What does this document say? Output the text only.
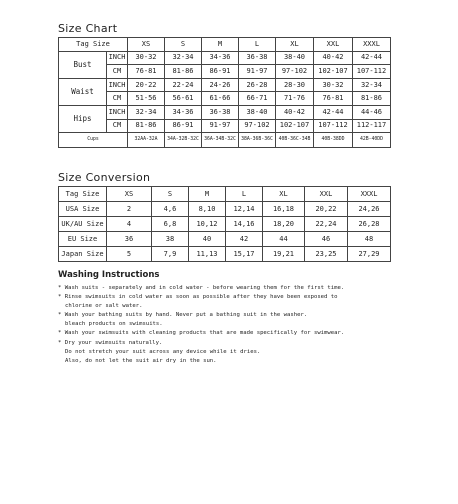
Size Chart
Tag Size		XS	S	M	L	XL	XXL	XXXL
Bust	INCH	30-32	32-34	34-36	36-38	38-40	40-42	42-44
	CM	76-81	81-86	86-91	91-97	97-102	102-107	107-112
Waist	INCH	20-22	22-24	24-26	26-28	28-30	30-32	32-34
	CM	51-56	56-61	61-66	66-71	71-76	76-81	81-86
Hips	INCH	32-34	34-36	36-38	38-40	40-42	42-44	44-46
	CM	81-86	86-91	91-97	97-102	102-107	107-112	112-117
Cups		32AA-32A	34A-32B-32C	36A-34B-32C	38A-36B-36C	40B-36C-34B	40B-38DD	42B-40DD
Size Conversion
Tag Size	XS	S	M	L	XL	XXL	XXXL
USA Size	2	4,6	8,10	12,14	16,18	20,22	24,26
UK/AU Size	4	6,8	10,12	14,16	18,20	22,24	26,28
EU Size	36	38	40	42	44	46	48
Japan Size	5	7,9	11,13	15,17	19,21	23,25	27,29
Washing Instructions
* Wash suits - separately and in cold water - before wearing them for the first time.
* Rinse swimsuits in cold water as soon as possible after they have been exposed to
chlorine or salt water.
* Wash your bathing suits by hand. Never put a bathing suit in the washer.
bleach products on swimsuits.
* Wash your swimsuits with cleaning products that are made specifically for swimwear.
* Dry your swimsuits naturally.
Do not stretch your suit across any device while it dries.
Also, do not let the suit air dry in the sun.
